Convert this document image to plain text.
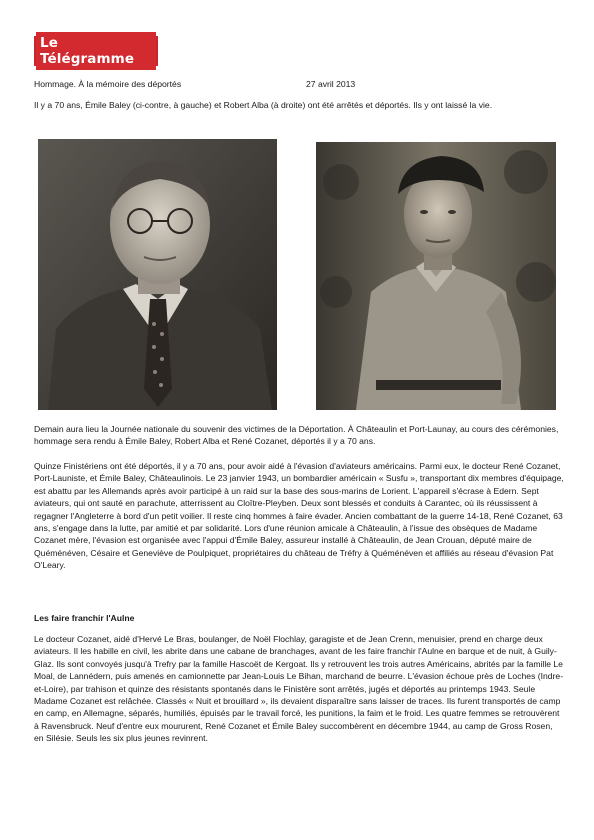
Le Télégramme
Hommage. À la mémoire des déportés	27 avril 2013

Il y a 70 ans, Émile Baley (ci-contre, à gauche) et Robert Alba (à droite) ont été arrêtés et déportés. Ils y ont laissé la vie.

Demain aura lieu la Journée nationale du souvenir des victimes de la Déportation. À Châteaulin et Port-Launay, au cours des cérémonies, hommage sera rendu à Émile Baley, Robert Alba et René Cozanet, déportés il y a 70 ans.

Quinze Finistériens ont été déportés, il y a 70 ans, pour avoir aidé à l'évasion d'aviateurs américains. Parmi eux, le docteur René Cozanet, Port-Launiste, et Émile Baley, Châteaulinois. Le 23 janvier 1943, un bombardier américain « Susfu », transportant dix membres d'équipage, est abattu par les Allemands après avoir participé à un raid sur la base des sous-marins de Lorient. L'appareil s'écrase à Edern. Sept aviateurs, qui ont sauté en parachute, atterrissent au Cloître-Pleyben. Deux sont blessés et conduits à Carantec, où ils réussissent à regagner l'Angleterre à bord d'un petit voilier. Il reste cinq hommes à faire évader. Ancien combattant de la guerre 14-18, René Cozanet, 63 ans, s'engage dans la lutte, par amitié et par solidarité. Lors d'une réunion amicale à Châteaulin, à l'issue des obsèques de Madame Cozanet mère, l'évasion est organisée avec l'appui d'Émile Baley, assureur installé à Châteaulin, de Jean Crouan, député maire de Quéménéven, Césaire et Geneviève de Poulpiquet, propriétaires du château de Tréfry à Quéménéven et affiliés au réseau d'évasion Pat O'Leary.

Les faire franchir l'Aulne

Le docteur Cozanet, aidé d'Hervé Le Bras, boulanger, de Noël Flochlay, garagiste et de Jean Crenn, menuisier, prend en charge deux aviateurs. Il les habille en civil, les abrite dans une cabane de branchages, avant de les faire franchir l'Aulne en barque et de nuit, à Guily-Glaz. Ils sont convoyés jusqu'à Trefry par la famille Hascoët de Kergoat. Ils y retrouvent les trois autres Américains, abrités par la famille Le Moal, de Lannédern, puis amenés en camionnette par Jean-Louis Le Bihan, marchand de beurre. L'évasion échoue près de Loches (Indre-et-Loire), par trahison et quinze des résistants spontanés dans le Finistère sont arrêtés, jugés et déportés au printemps 1943. Seule Madame Cozanet est relâchée. Classés « Nuit et brouillard », ils devaient disparaître sans laisser de traces. Ils furent transportés de camp en camp, en Allemagne, séparés, humiliés, épuisés par le travail forcé, les punitions, la faim et le froid. Les quatre femmes se retrouvèrent à Ravensbruck. Neuf d'entre eux moururent, René Cozanet et Émile Baley succombèrent en décembre 1944, au camp de Gross Rosen, en Silésie. Seuls les six plus jeunes revinrent.
